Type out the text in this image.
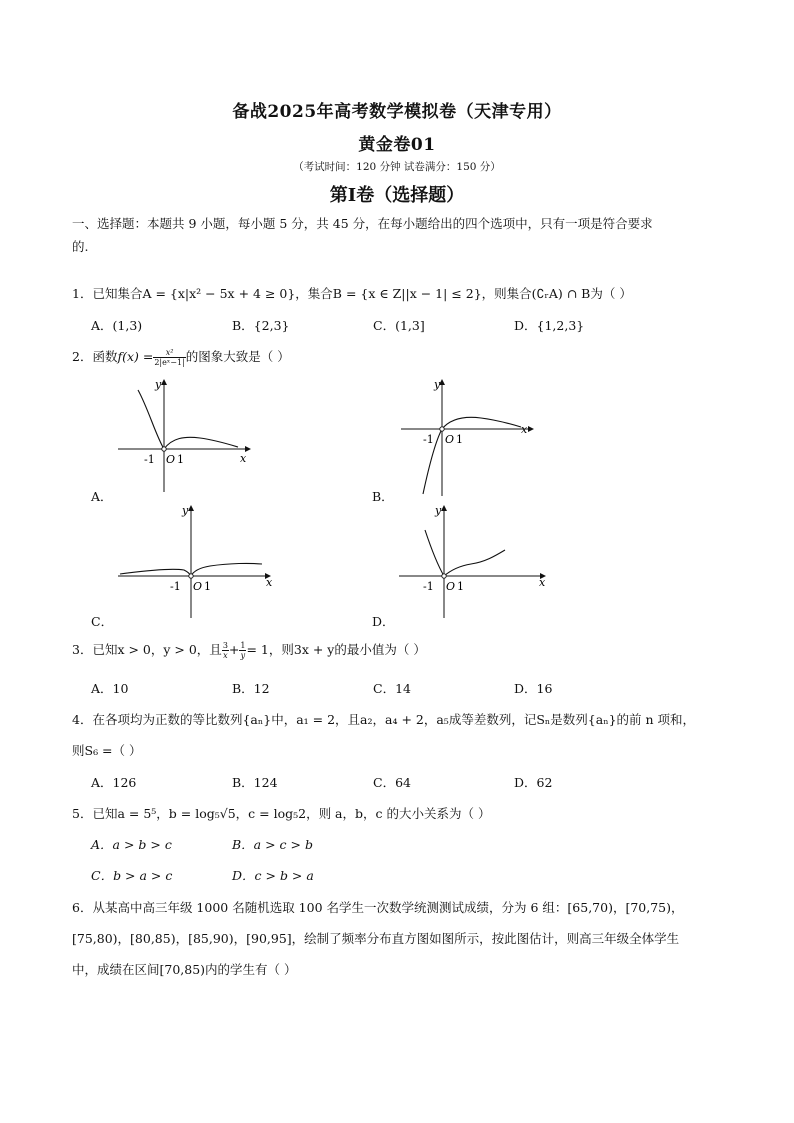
备战2025年高考数学模拟卷（天津专用）
黄金卷01
（考试时间：120 分钟 试卷满分：150 分）
第I卷（选择题）
一、选择题：本题共 9 小题，每小题 5 分，共 45 分，在每小题给出的四个选项中，只有一项是符合要求
的.
1．已知集合A = {x|x² − 5x + 4 ≥ 0}，集合B = {x ∈ Z||x − 1| ≤ 2}，则集合(∁ᵣA) ∩ B为（ ）
A．(1,3)	B．{2,3}	C．(1,3]	D．{1,2,3}
2．函数$f(x) = \frac{\text{x²}}{\text{2|eˣ−1|}}$ 的图象大致是（ ）
y
x
-1 O 1
A．
y
x
-1 O 1
B．
y
x
-1 O 1
C．
y
x
-1 O 1
D．
3．已知x > 0，y > 0，且 $\frac{3}{x} + \frac{1}{y} = 1$，则3x + y的最小值为（ ）
A．10	B．12	C．14	D．16
4．在各项均为正数的等比数列{aₙ}中，a₁ = 2，且a₂，a₄ + 2，a₅成等差数列，记Sₙ是数列{aₙ}的前 n 项和，
则S₆ =（ ）
A．126	B．124	C．64	D．62
5．已知a = 5⁵，b = log₅√5，c = log₅2，则 a，b，c 的大小关系为（ ）
A．a > b > c	B．a > c > b
C．b > a > c	D．c > b > a
6．从某高中高三年级 1000 名随机选取 100 名学生一次数学统测测试成绩，分为 6 组：[65,70)，[70,75)，
[75,80)，[80,85)，[85,90)，[90,95]，绘制了频率分布直方图如图所示，按此图估计，则高三年级全体学生
中，成绩在区间[70,85)内的学生有（ ）
